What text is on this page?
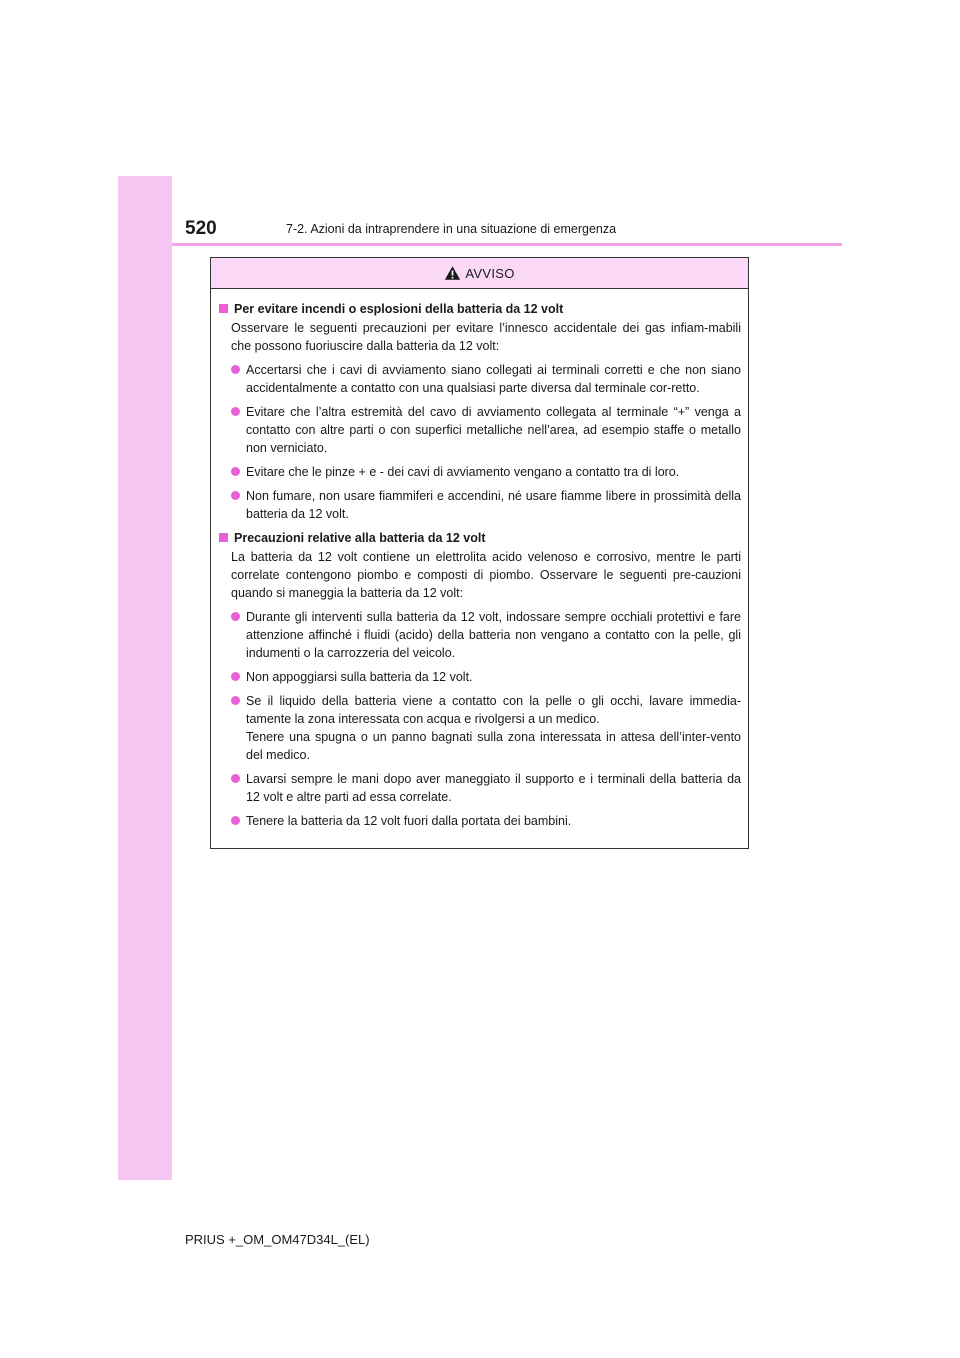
520	7-2. Azioni da intraprendere in una situazione di emergenza
AVVISO
Per evitare incendi o esplosioni della batteria da 12 volt
Osservare le seguenti precauzioni per evitare l’innesco accidentale dei gas infiam-mabili che possono fuoriuscire dalla batteria da 12 volt:
Accertarsi che i cavi di avviamento siano collegati ai terminali corretti e che non siano accidentalmente a contatto con una qualsiasi parte diversa dal terminale cor-retto.
Evitare che l’altra estremità del cavo di avviamento collegata al terminale “+” venga a contatto con altre parti o con superfici metalliche nell’area, ad esempio staffe o metallo non verniciato.
Evitare che le pinze + e - dei cavi di avviamento vengano a contatto tra di loro.
Non fumare, non usare fiammiferi e accendini, né usare fiamme libere in prossimità della batteria da 12 volt.
Precauzioni relative alla batteria da 12 volt
La batteria da 12 volt contiene un elettrolita acido velenoso e corrosivo, mentre le parti correlate contengono piombo e composti di piombo. Osservare le seguenti pre-cauzioni quando si maneggia la batteria da 12 volt:
Durante gli interventi sulla batteria da 12 volt, indossare sempre occhiali protettivi e fare attenzione affinché i fluidi (acido) della batteria non vengano a contatto con la pelle, gli indumenti o la carrozzeria del veicolo.
Non appoggiarsi sulla batteria da 12 volt.
Se il liquido della batteria viene a contatto con la pelle o gli occhi, lavare immedia-tamente la zona interessata con acqua e rivolgersi a un medico.
Tenere una spugna o un panno bagnati sulla zona interessata in attesa dell’inter-vento del medico.
Lavarsi sempre le mani dopo aver maneggiato il supporto e i terminali della batteria da 12 volt e altre parti ad essa correlate.
Tenere la batteria da 12 volt fuori dalla portata dei bambini.
PRIUS +_OM_OM47D34L_(EL)
